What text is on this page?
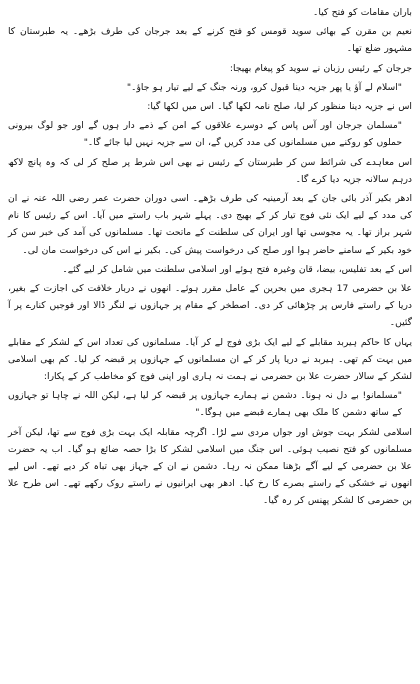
باران مقامات کو فتح کیا۔

نعیم بن مقرن کے بھائی سوید قومس کو فتح کرنے کے بعد جرجان کی طرف بڑھے۔ یہ طبرستان کا مشہور ضلع تھا۔

جرجان کے رئیس رزبان نے سوید کو پیغام بھیجا:

"اسلام لے آؤ یا پھر جزیہ دینا قبول کرو، ورنہ جنگ کے لیے تیار ہو جاؤ۔"

اس نے جزیہ دینا منظور کر لیا، صلح نامہ لکھا گیا۔ اس میں لکھا گیا:

"مسلمان جرجان اور آس پاس کے دوسرے علاقوں کے امن کے ذمے دار ہوں گے اور جو لوگ بیرونی حملوں کو روکنے میں مسلمانوں کی مدد کریں گے، ان سے جزیہ نہیں لیا جائے گا۔"

اس معاہدے کی شرائط سن کر طبرستان کے رئیس نے بھی اس شرط پر صلح کر لی کہ وہ پانچ لاکھ درہم سالانہ جزیہ دیا کرے گا۔

ادھر بکیر آذر بائی جان کے بعد آرمینیہ کی طرف بڑھے۔ اسی دوران حضرت عمر رضی اللہ عنہ نے ان کی مدد کے لیے ایک نئی فوج تیار کر کے بھیج دی۔ پہلے شہر باب راستے میں آیا۔ اس کے رئیس کا نام شہر براز تھا۔ یہ مجوسی تھا اور ایران کی سلطنت کے ماتحت تھا۔ مسلمانوں کی آمد کی خبر سن کر خود بکیر کے سامنے حاضر ہوا اور صلح کی درخواست پیش کی۔ بکیر نے اس کی درخواست مان لی۔

اس کے بعد تفلیس، بیضا، قان وغیرہ فتح ہوئے اور اسلامی سلطنت میں شامل کر لیے گئے۔

علا بن حضرمی 17 ہجری میں بحرین کے عامل مقرر ہوئے۔ انھوں نے دربار خلافت کی اجازت کے بغیر، دریا کے راستے فارس پر چڑھائی کر دی۔ اصطخر کے مقام پر جہازوں نے لنگر ڈالا اور فوجیں کنارے پر آ گئیں۔

یہاں کا حاکم ہیربد مقابلے کے لیے ایک بڑی فوج لے کر آیا۔ مسلمانوں کی تعداد اس کے لشکر کے مقابلے میں بہت کم تھی۔ ہیربد نے دریا پار کر کے ان مسلمانوں کے جہازوں پر قبضہ کر لیا۔ کم بھی اسلامی لشکر کے سالار حضرت علا بن حضرمی نے ہمت نہ ہاری اور اپنی فوج کو مخاطب کر کے پکارا:

"مسلمانو! بے دل نہ ہونا۔ دشمن نے ہمارے جہازوں پر قبضہ کر لیا ہے، لیکن اللہ نے چاہا تو جہازوں کے ساتھ دشمن کا ملک بھی ہمارے قبضے میں ہوگا۔"

اسلامی لشکر بہت جوش اور جواں مردی سے لڑا۔ اگرچہ مقابلہ ایک بہت بڑی فوج سے تھا، لیکن آخر مسلمانوں کو فتح نصیب ہوئی۔ اس جنگ میں اسلامی لشکر کا بڑا حصہ ضائع ہو گیا۔ اب یہ حضرت علا بن حضرمی کے لیے آگے بڑھنا ممکن نہ رہا۔ دشمن نے ان کے جہاز بھی تباہ کر دیے تھے۔ اس لیے انھوں نے خشکی کے راستے بصرے کا رخ کیا۔ ادھر بھی ایرانیوں نے راستے روک رکھے تھے۔ اس طرح علا بن حضرمی کا لشکر پھنس کر رہ گیا۔
